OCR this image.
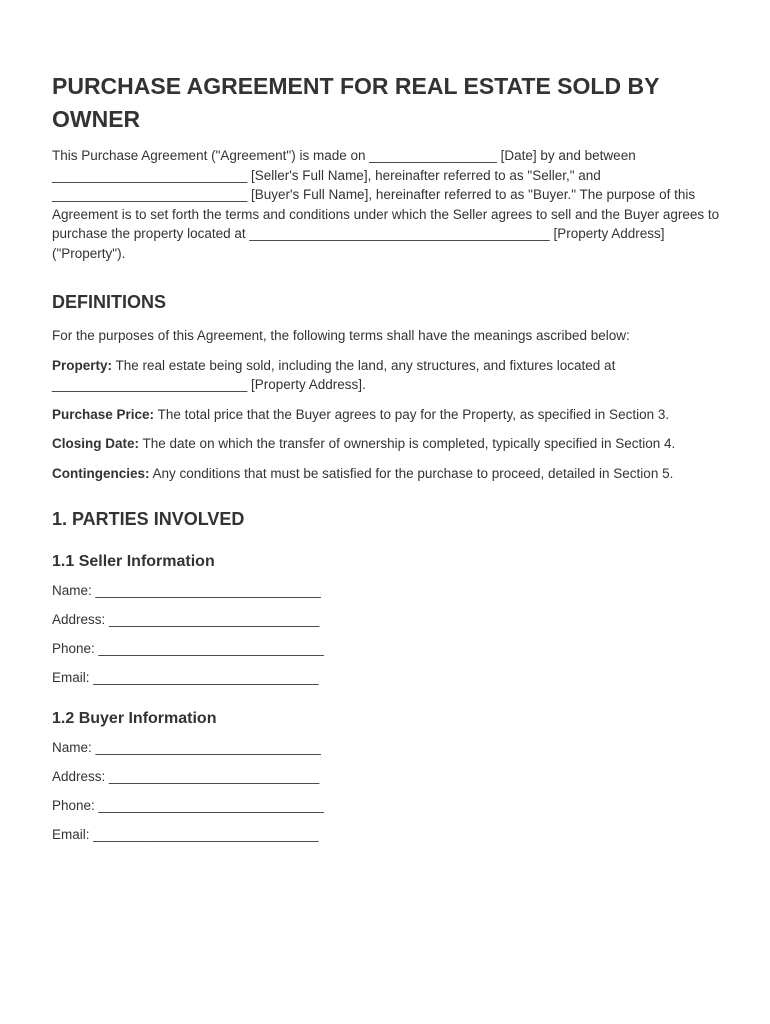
PURCHASE AGREEMENT FOR REAL ESTATE SOLD BY OWNER

This Purchase Agreement ("Agreement") is made on _________________ [Date] by and between __________________________ [Seller's Full Name], hereinafter referred to as "Seller," and __________________________ [Buyer's Full Name], hereinafter referred to as "Buyer." The purpose of this Agreement is to set forth the terms and conditions under which the Seller agrees to sell and the Buyer agrees to purchase the property located at ________________________________________ [Property Address] ("Property").

DEFINITIONS

For the purposes of this Agreement, the following terms shall have the meanings ascribed below:

Property: The real estate being sold, including the land, any structures, and fixtures located at __________________________ [Property Address].

Purchase Price: The total price that the Buyer agrees to pay for the Property, as specified in Section 3.

Closing Date: The date on which the transfer of ownership is completed, typically specified in Section 4.

Contingencies: Any conditions that must be satisfied for the purchase to proceed, detailed in Section 5.

1. PARTIES INVOLVED
1.1 Seller Information

Name: ______________________________

Address: ____________________________

Phone: ______________________________

Email: ______________________________

1.2 Buyer Information

Name: ______________________________

Address: ____________________________

Phone: ______________________________

Email: ______________________________
